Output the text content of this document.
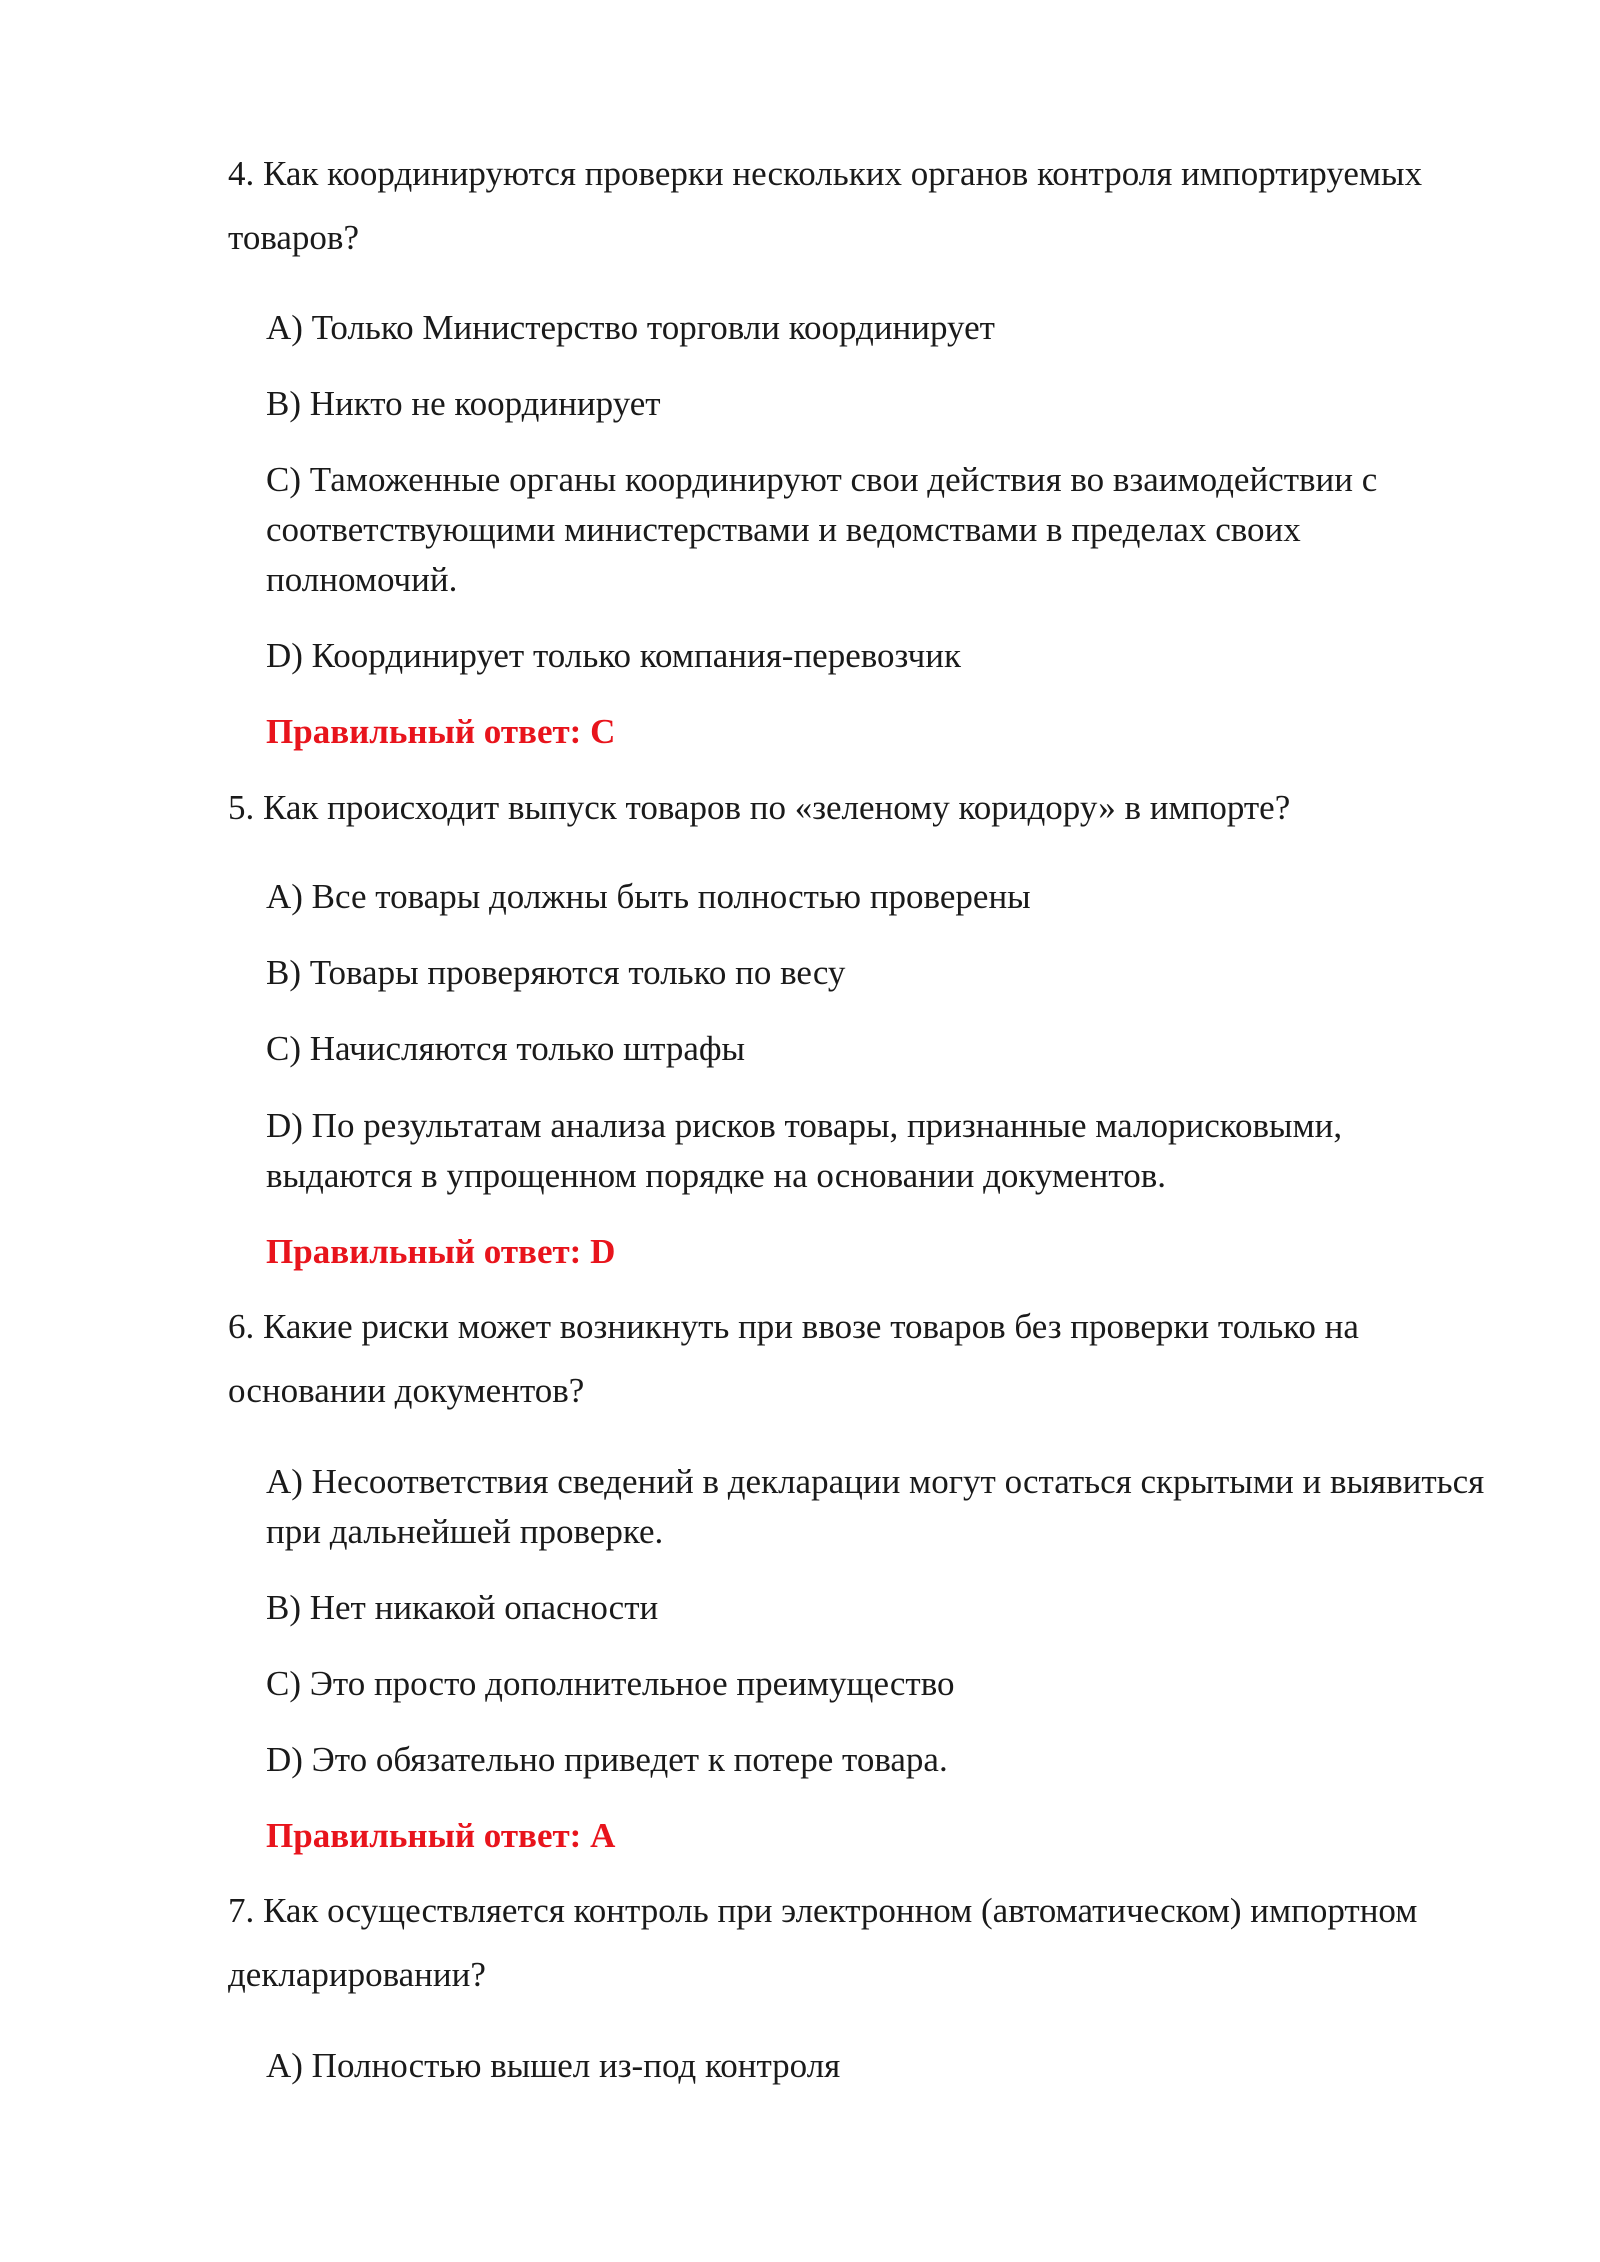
4. Как координируются проверки нескольких органов контроля импортируемых товаров?
А) Только Министерство торговли координирует
B) Никто не координирует
C) Таможенные органы координируют свои действия во взаимодействии с соответствующими министерствами и ведомствами в пределах своих полномочий.
D) Координирует только компания-перевозчик
Правильный ответ: C
5. Как происходит выпуск товаров по «зеленому коридору» в импорте?
А) Все товары должны быть полностью проверены
B) Товары проверяются только по весу
C) Начисляются только штрафы
D) По результатам анализа рисков товары, признанные малорисковыми, выдаются в упрощенном порядке на основании документов.
Правильный ответ: D
6. Какие риски может возникнуть при ввозе товаров без проверки только на основании документов?
А) Несоответствия сведений в декларации могут остаться скрытыми и выявиться при дальнейшей проверке.
B) Нет никакой опасности
C) Это просто дополнительное преимущество
D) Это обязательно приведет к потере товара.
Правильный ответ: A
7. Как осуществляется контроль при электронном (автоматическом) импортном декларировании?
А) Полностью вышел из-под контроля
